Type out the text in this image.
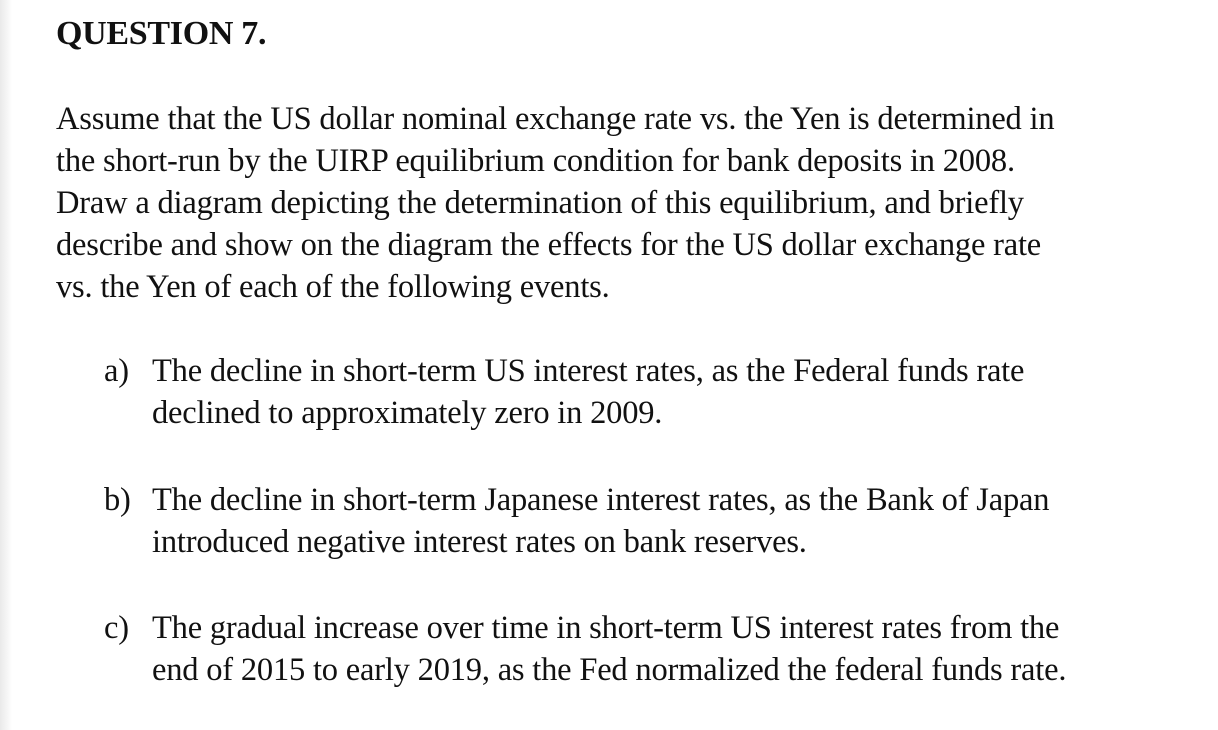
QUESTION 7.

Assume that the US dollar nominal exchange rate vs. the Yen is determined in
the short-run by the UIRP equilibrium condition for bank deposits in 2008.
Draw a diagram depicting the determination of this equilibrium, and briefly
describe and show on the diagram the effects for the US dollar exchange rate
vs. the Yen of each of the following events.

a) The decline in short-term US interest rates, as the Federal funds rate
declined to approximately zero in 2009.
b) The decline in short-term Japanese interest rates, as the Bank of Japan
introduced negative interest rates on bank reserves.
c) The gradual increase over time in short-term US interest rates from the
end of 2015 to early 2019, as the Fed normalized the federal funds rate.
